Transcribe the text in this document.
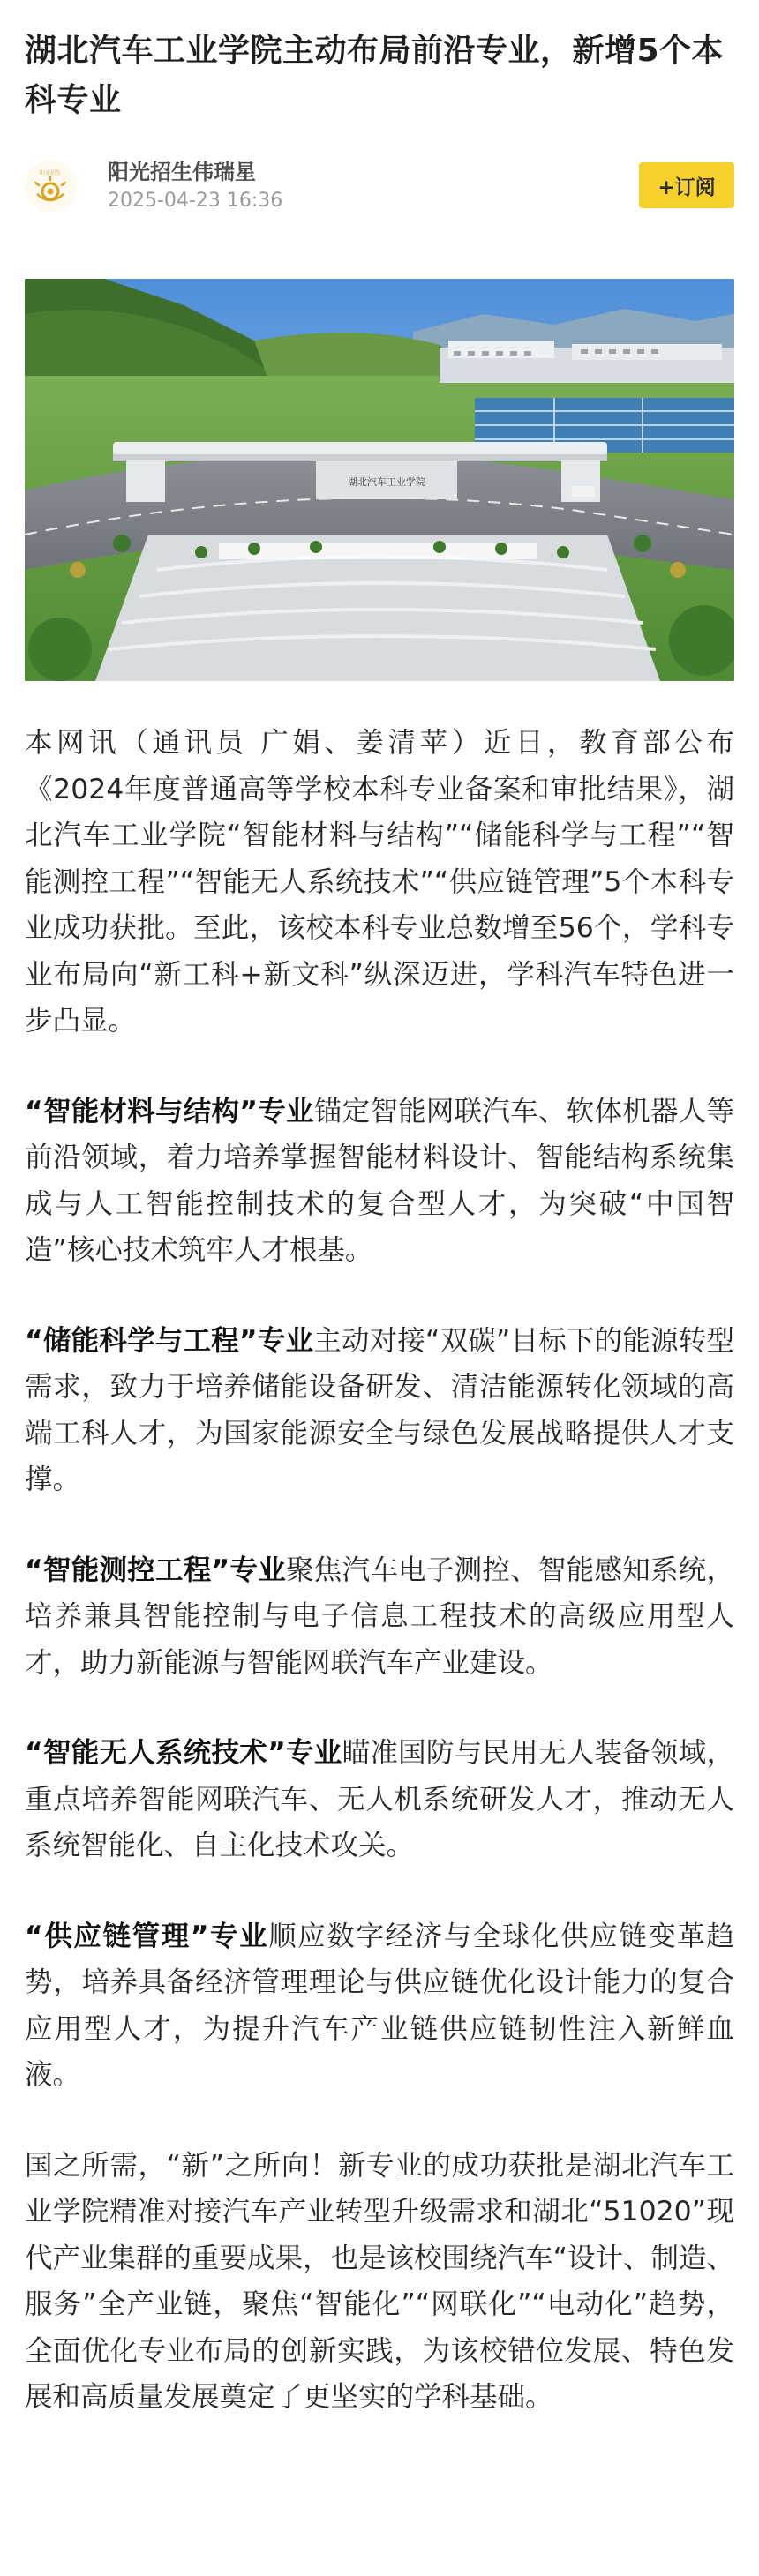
湖北汽车工业学院主动布局前沿专业，新增5个本科专业
阳光招生 阳光招生伟瑞星
2025-04-23 16:36
+订阅
湖北汽车工业学院

本网讯（通讯员 广娟、姜清苹）近日，教育部公布《2024年度普通高等学校本科专业备案和审批结果》，湖北汽车工业学院“智能材料与结构”“储能科学与工程”“智能测控工程”“智能无人系统技术”“供应链管理”5个本科专业成功获批。至此，该校本科专业总数增至56个，学科专业布局向“新工科+新文科”纵深迈进，学科汽车特色进一步凸显。

“智能材料与结构”专业锚定智能网联汽车、软体机器人等前沿领域，着力培养掌握智能材料设计、智能结构系统集成与人工智能控制技术的复合型人才，为突破“中国智造”核心技术筑牢人才根基。

“储能科学与工程”专业主动对接“双碳”目标下的能源转型需求，致力于培养储能设备研发、清洁能源转化领域的高端工科人才，为国家能源安全与绿色发展战略提供人才支撑。

“智能测控工程”专业聚焦汽车电子测控、智能感知系统，培养兼具智能控制与电子信息工程技术的高级应用型人才，助力新能源与智能网联汽车产业建设。

“智能无人系统技术”专业瞄准国防与民用无人装备领域，重点培养智能网联汽车、无人机系统研发人才，推动无人系统智能化、自主化技术攻关。

“供应链管理”专业顺应数字经济与全球化供应链变革趋势，培养具备经济管理理论与供应链优化设计能力的复合应用型人才，为提升汽车产业链供应链韧性注入新鲜血液。

国之所需，“新”之所向！新专业的成功获批是湖北汽车工业学院精准对接汽车产业转型升级需求和湖北“51020”现代产业集群的重要成果，也是该校围绕汽车“设计、制造、服务”全产业链，聚焦“智能化”“网联化”“电动化”趋势，全面优化专业布局的创新实践，为该校错位发展、特色发展和高质量发展奠定了更坚实的学科基础。
